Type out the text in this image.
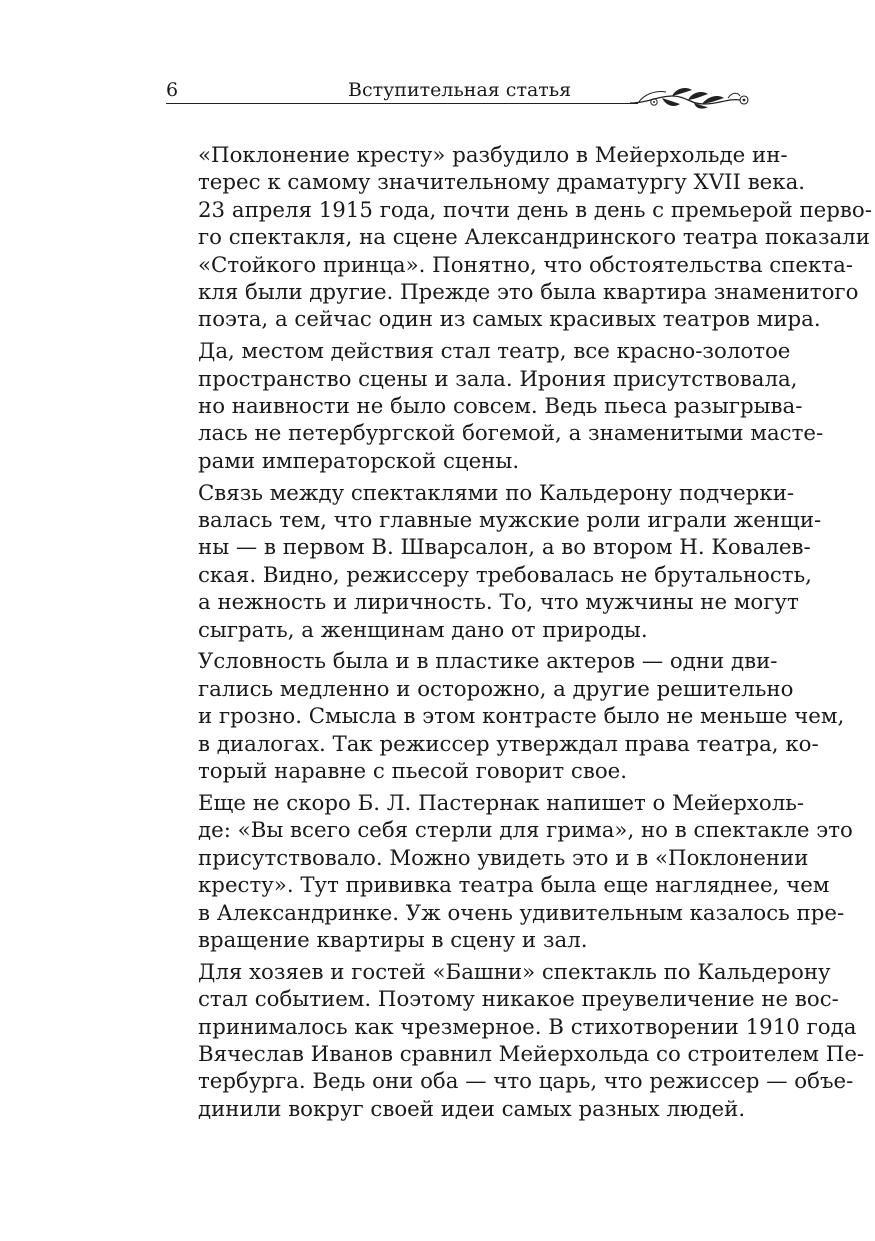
6	Вступительная статья
«Поклонение кресту» разбудило в Мейерхольде ин-
терес к самому значительному драматургу XVII века.
23 апреля 1915 года, почти день в день с премьерой перво-
го спектакля, на сцене Александринского театра показали
«Стойкого принца». Понятно, что обстоятельства спекта-
кля были другие. Прежде это была квартира знаменитого
поэта, а сейчас один из самых красивых театров мира.
Да, местом действия стал театр, все красно-золотое
пространство сцены и зала. Ирония присутствовала,
но наивности не было совсем. Ведь пьеса разыгрыва-
лась не петербургской богемой, а знаменитыми масте-
рами императорской сцены.
Связь между спектаклями по Кальдерону подчерки-
валась тем, что главные мужские роли играли женщи-
ны — в первом В. Шварсалон, а во втором Н. Ковалев-
ская. Видно, режиссеру требовалась не брутальность,
а нежность и лиричность. То, что мужчины не могут
сыграть, а женщинам дано от природы.
Условность была и в пластике актеров — одни дви-
гались медленно и осторожно, а другие решительно
и грозно. Смысла в этом контрасте было не меньше чем,
в диалогах. Так режиссер утверждал права театра, ко-
торый наравне с пьесой говорит свое.
Еще не скоро Б. Л. Пастернак напишет о Мейерхоль-
де: «Вы всего себя стерли для грима», но в спектакле это
присутствовало. Можно увидеть это и в «Поклонении
кресту». Тут прививка театра была еще нагляднее, чем
в Александринке. Уж очень удивительным казалось пре-
вращение квартиры в сцену и зал.
Для хозяев и гостей «Башни» спектакль по Кальдерону
стал событием. Поэтому никакое преувеличение не вос-
принималось как чрезмерное. В стихотворении 1910 года
Вячеслав Иванов сравнил Мейерхольда со строителем Пе-
тербурга. Ведь они оба — что царь, что режиссер — объе-
динили вокруг своей идеи самых разных людей.
